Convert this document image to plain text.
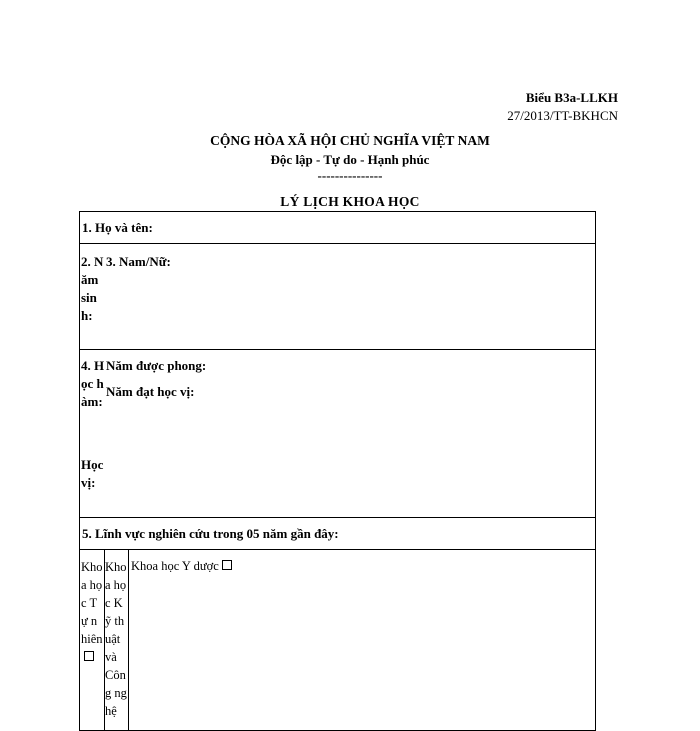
Biểu B3a-LLKH
27/2013/TT-BKHCN
CỘNG HÒA XÃ HỘI CHỦ NGHĨA VIỆT NAM
Độc lập - Tự do - Hạnh phúc
---------------
LÝ LỊCH KHOA HỌC
1. Họ và tên:
2. Năm sinh:
3. Nam/Nữ:
4. Học hàm:
Năm được phong:
Năm đạt học vị:
Học vị:
5. Lĩnh vực nghiên cứu trong 05 năm gần đây:
Khoa học Tự nhiên
Khoa học Kỹ thuật và Công nghệ
Khoa học Y dược
